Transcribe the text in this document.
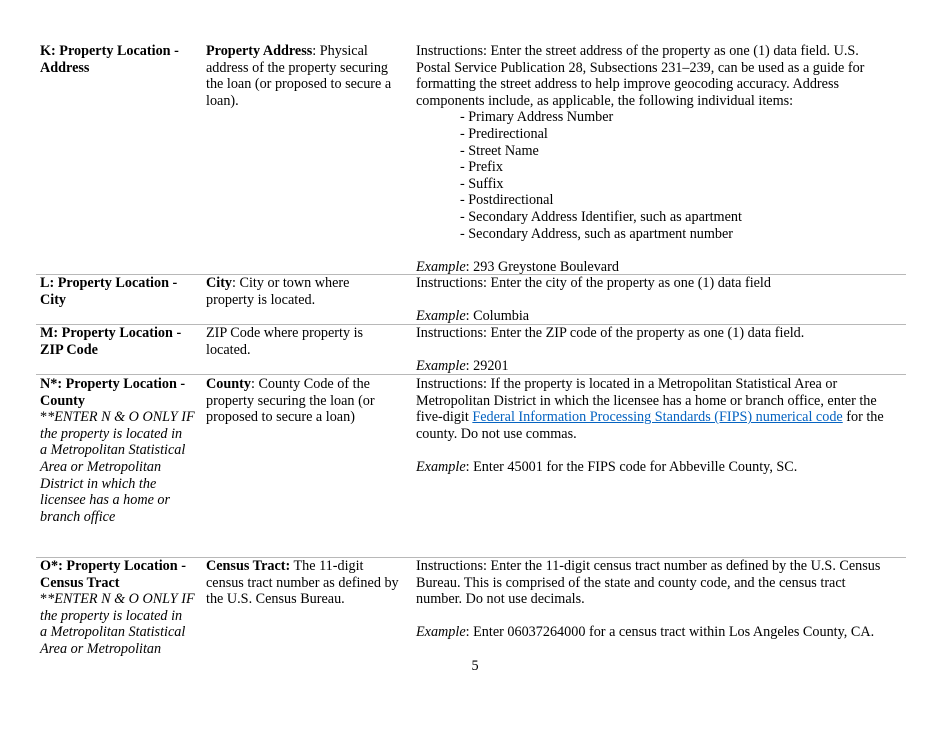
K: Property Location -
Address
Property Address: Physical
address of the property securing
the loan (or proposed to secure a
loan).
Instructions: Enter the street address of the property as one (1) data field. U.S.
Postal Service Publication 28, Subsections 231–239, can be used as a guide for
formatting the street address to help improve geocoding accuracy. Address
components include, as applicable, the following individual items:
- Primary Address Number
- Predirectional
- Street Name
- Prefix
- Suffix
- Postdirectional
- Secondary Address Identifier, such as apartment
- Secondary Address, such as apartment number
Example: 293 Greystone Boulevard
L: Property Location -
City
City: City or town where
property is located.
Instructions: Enter the city of the property as one (1) data field
Example: Columbia
M: Property Location -
ZIP Code
ZIP Code where property is
located.
Instructions: Enter the ZIP code of the property as one (1) data field.
Example: 29201
N*: Property Location -
County
**ENTER N & O ONLY IF
the property is located in
a Metropolitan Statistical
Area or Metropolitan
District in which the
licensee has a home or
branch office
County: County Code of the
property securing the loan (or
proposed to secure a loan)
Instructions: If the property is located in a Metropolitan Statistical Area or
Metropolitan District in which the licensee has a home or branch office, enter the
five-digit Federal Information Processing Standards (FIPS) numerical code for the
county. Do not use commas.
Example: Enter 45001 for the FIPS code for Abbeville County, SC.
O*: Property Location -
Census Tract
**ENTER N & O ONLY IF
the property is located in
a Metropolitan Statistical
Area or Metropolitan
Census Tract: The 11-digit
census tract number as defined by
the U.S. Census Bureau.
Instructions: Enter the 11-digit census tract number as defined by the U.S. Census
Bureau. This is comprised of the state and county code, and the census tract
number. Do not use decimals.
Example: Enter 06037264000 for a census tract within Los Angeles County, CA.
5
